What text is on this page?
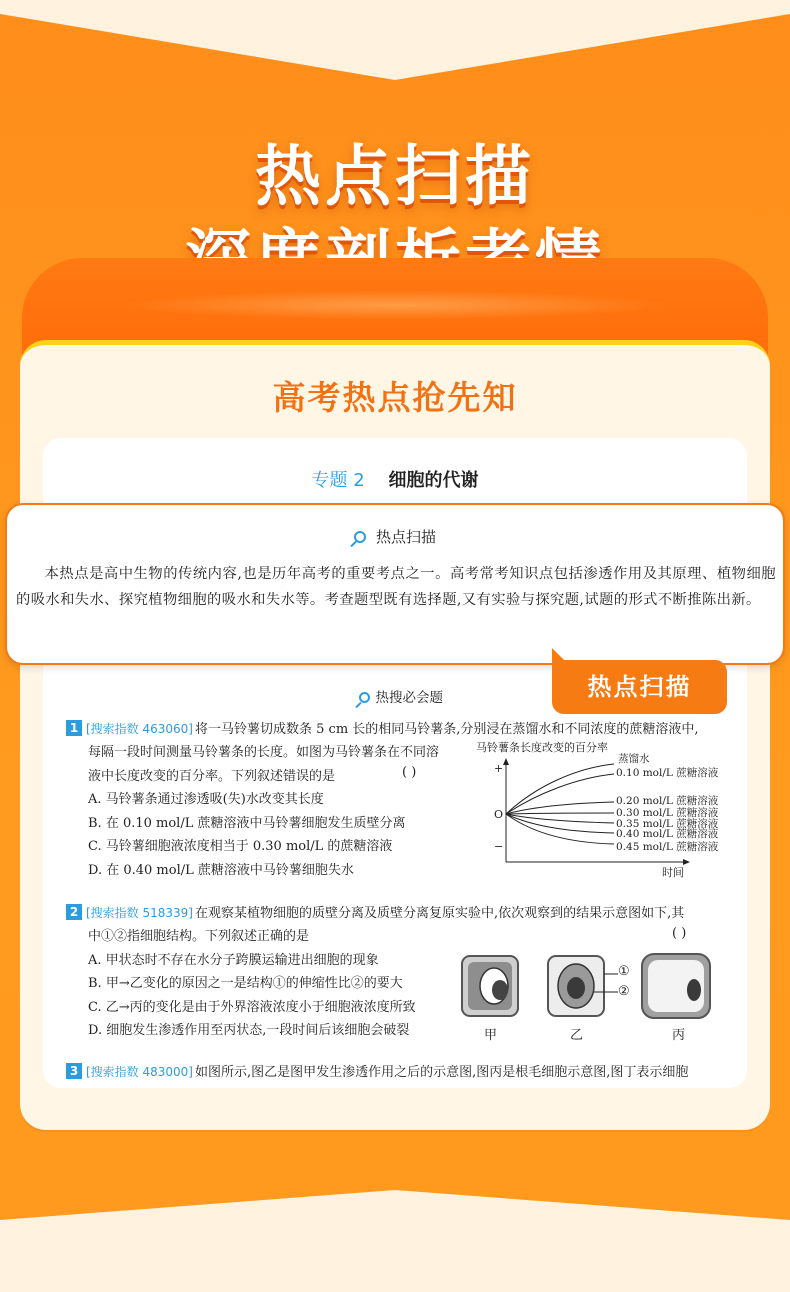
热点扫描
高考热点抢先知
专题 2 细胞的代谢
热点扫描
本热点是高中生物的传统内容,也是历年高考的重要考点之一。高考常考知识点包括渗透作用及其原理、植物细胞的吸水和失水、探究植物细胞的吸水和失水等。考查题型既有选择题,又有实验与探究题,试题的形式不断推陈出新。
热点扫描
热搜必会题
1 [搜索指数 463060] 将一马铃薯切成数条 5 cm 长的相同马铃薯条,分别浸在蒸馏水和不同浓度的蔗糖溶液中,
每隔一段时间测量马铃薯条的长度。如图为马铃薯条在不同溶
液中长度改变的百分率。下列叙述错误的是
A. 马铃薯条通过渗透吸(失)水改变其长度
B. 在 0.10 mol/L 蔗糖溶液中马铃薯细胞发生质壁分离
C. 马铃薯细胞液浓度相当于 0.30 mol/L 的蔗糖溶液
D. 在 0.40 mol/L 蔗糖溶液中马铃薯细胞失水
( )
马铃薯条长度改变的百分率
+
O
−
时间
蒸馏水
0.10 mol/L 蔗糖溶液
0.20 mol/L 蔗糖溶液
0.30 mol/L 蔗糖溶液
0.35 mol/L 蔗糖溶液
0.40 mol/L 蔗糖溶液
0.45 mol/L 蔗糖溶液
2 [搜索指数 518339] 在观察某植物细胞的质壁分离及质壁分离复原实验中,依次观察到的结果示意图如下,其
中①②指细胞结构。下列叙述正确的是
A. 甲状态时不存在水分子跨膜运输进出细胞的现象
B. 甲→乙变化的原因之一是结构①的伸缩性比②的要大
C. 乙→丙的变化是由于外界溶液浓度小于细胞液浓度所致
D. 细胞发生渗透作用至丙状态,一段时间后该细胞会破裂
( )
①
②
甲	乙	丙
3 [搜索指数 483000] 如图所示,图乙是图甲发生渗透作用之后的示意图,图丙是根毛细胞示意图,图丁表示细胞
